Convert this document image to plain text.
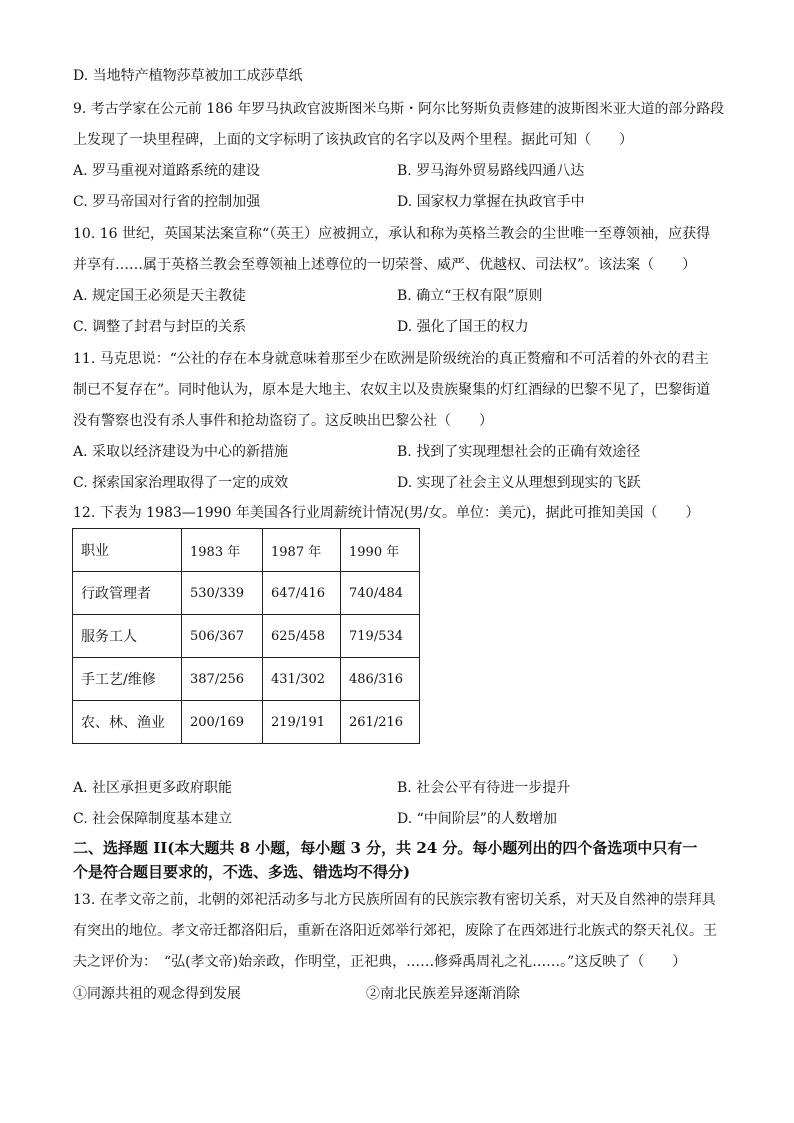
D. 当地特产植物莎草被加工成莎草纸
9. 考古学家在公元前 186 年罗马执政官波斯图米乌斯・阿尔比努斯负责修建的波斯图米亚大道的部分路段
上发现了一块里程碑，上面的文字标明了该执政官的名字以及两个里程。据此可知（　　）
A. 罗马重视对道路系统的建设	B. 罗马海外贸易路线四通八达
C. 罗马帝国对行省的控制加强	D. 国家权力掌握在执政官手中
10. 16 世纪，英国某法案宣称“（英王）应被拥立，承认和称为英格兰教会的尘世唯一至尊领袖，应获得
并享有……属于英格兰教会至尊领袖上述尊位的一切荣誉、威严、优越权、司法权”。该法案（　　）
A. 规定国王必须是天主教徒	B. 确立“王权有限”原则
C. 调整了封君与封臣的关系	D. 强化了国王的权力
11. 马克思说：“公社的存在本身就意味着那至少在欧洲是阶级统治的真正赘瘤和不可活着的外衣的君主
制已不复存在”。同时他认为，原本是大地主、农奴主以及贵族聚集的灯红酒绿的巴黎不见了，巴黎街道
没有警察也没有杀人事件和抢劫盗窃了。这反映出巴黎公社（　　）
A. 采取以经济建设为中心的新措施	B. 找到了实现理想社会的正确有效途径
C. 探索国家治理取得了一定的成效	D. 实现了社会主义从理想到现实的飞跃
12. 下表为 1983—1990 年美国各行业周薪统计情况(男/女。单位：美元)，据此可推知美国（　　）
职业	1983 年	1987 年	1990 年
行政管理者	530/339	647/416	740/484
服务工人	506/367	625/458	719/534
手工艺/维修	387/256	431/302	486/316
农、林、渔业	200/169	219/191	261/216
A. 社区承担更多政府职能	B. 社会公平有待进一步提升
C. 社会保障制度基本建立	D. “中间阶层”的人数增加
二、选择题 II(本大题共 8 小题，每小题 3 分，共 24 分。每小题列出的四个备选项中只有一
个是符合题目要求的，不选、多选、错选均不得分)
13. 在孝文帝之前，北朝的郊祀活动多与北方民族所固有的民族宗教有密切关系，对天及自然神的崇拜具
有突出的地位。孝文帝迁都洛阳后，重新在洛阳近郊举行郊祀，废除了在西郊进行北族式的祭天礼仪。王
夫之评价为：　“弘(孝文帝)始亲政，作明堂，正祀典，……修舜禹周礼之礼……。”这反映了（　　）
①同源共祖的观念得到发展	②南北民族差异逐渐消除
